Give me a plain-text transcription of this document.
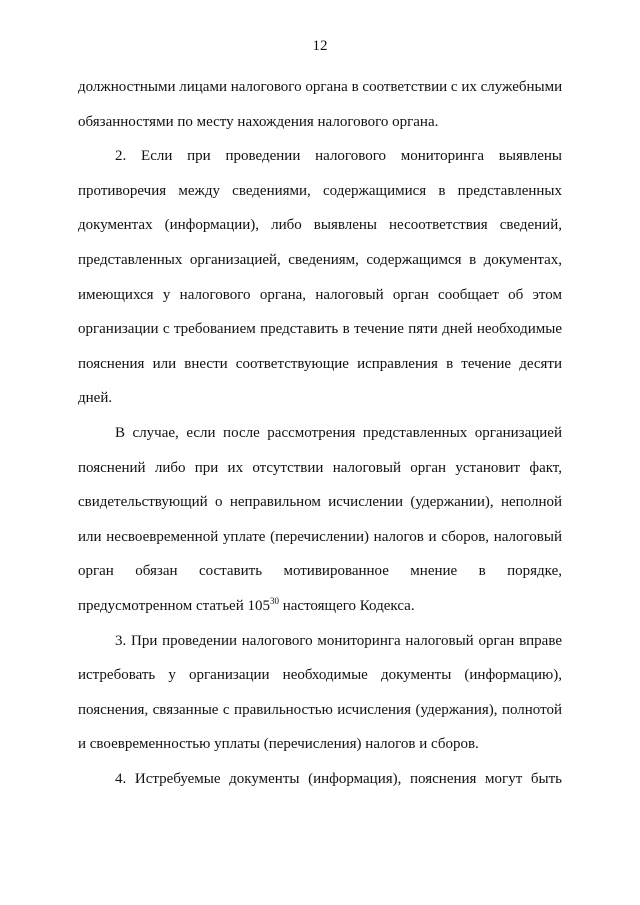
12
должностными лицами налогового органа в соответствии с их служебными
обязанностями по месту нахождения налогового органа.
2. Если при проведении налогового мониторинга выявлены
противоречия между сведениями, содержащимися в представленных
документах (информации), либо выявлены несоответствия сведений,
представленных организацией, сведениям, содержащимся в документах,
имеющихся у налогового органа, налоговый орган сообщает об этом
организации с требованием представить в течение пяти дней необходимые
пояснения или внести соответствующие исправления в течение десяти
дней.
В случае, если после рассмотрения представленных организацией
пояснений либо при их отсутствии налоговый орган установит факт,
свидетельствующий о неправильном исчислении (удержании), неполной
или несвоевременной уплате (перечислении) налогов и сборов, налоговый
орган обязан составить мотивированное мнение в порядке,
предусмотренном статьей $105^{30}$ настоящего Кодекса.
3. При проведении налогового мониторинга налоговый орган вправе
истребовать у организации необходимые документы (информацию),
пояснения, связанные с правильностью исчисления (удержания), полнотой
и своевременностью уплаты (перечисления) налогов и сборов.
4. Истребуемые документы (информация), пояснения могут быть
